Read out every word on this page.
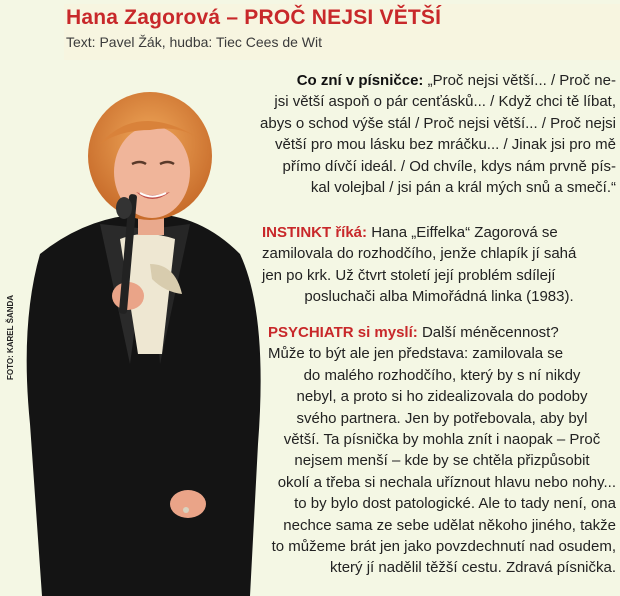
Hana Zagorová – PROČ NEJSI VĚTŠÍ
Text: Pavel Žák, hudba: Tiec Cees de Wit
FOTO: KAREL ŠANDA
Co zní v písničce: „Proč nejsi větší... / Proč ne-
jsi větší aspoň o pár cenťásků... / Když chci tě líbat,
abys o schod výše stál / Proč nejsi větší... / Proč nejsi
větší pro mou lásku bez mráčku... / Jinak jsi pro mě
přímo dívčí ideál. / Od chvíle, kdys nám prvně pís-
kal volejbal / jsi pán a král mých snů a smečí.“
INSTINKT říká: Hana „Eiffelka“ Zagorová se
zamilovala do rozhodčího, jenže chlapík jí sahá
jen po krk. Už čtvrt století její problém sdílejí
posluchači alba Mimořádná linka (1983).
PSYCHIATR si myslí: Další méněcennost?
Může to být ale jen představa: zamilovala se
do malého rozhodčího, který by s ní nikdy
nebyl, a proto si ho zidealizovala do podoby
svého partnera. Jen by potřebovala, aby byl
větší. Ta písnička by mohla znít i naopak – Proč
nejsem menší – kde by se chtěla přizpůsobit
okolí a třeba si nechala uříznout hlavu nebo nohy...
to by bylo dost patologické. Ale to tady není, ona
nechce sama ze sebe udělat někoho jiného, takže
to můžeme brát jen jako povzdechnutí nad osudem,
který jí nadělil těžší cestu. Zdravá písnička.
